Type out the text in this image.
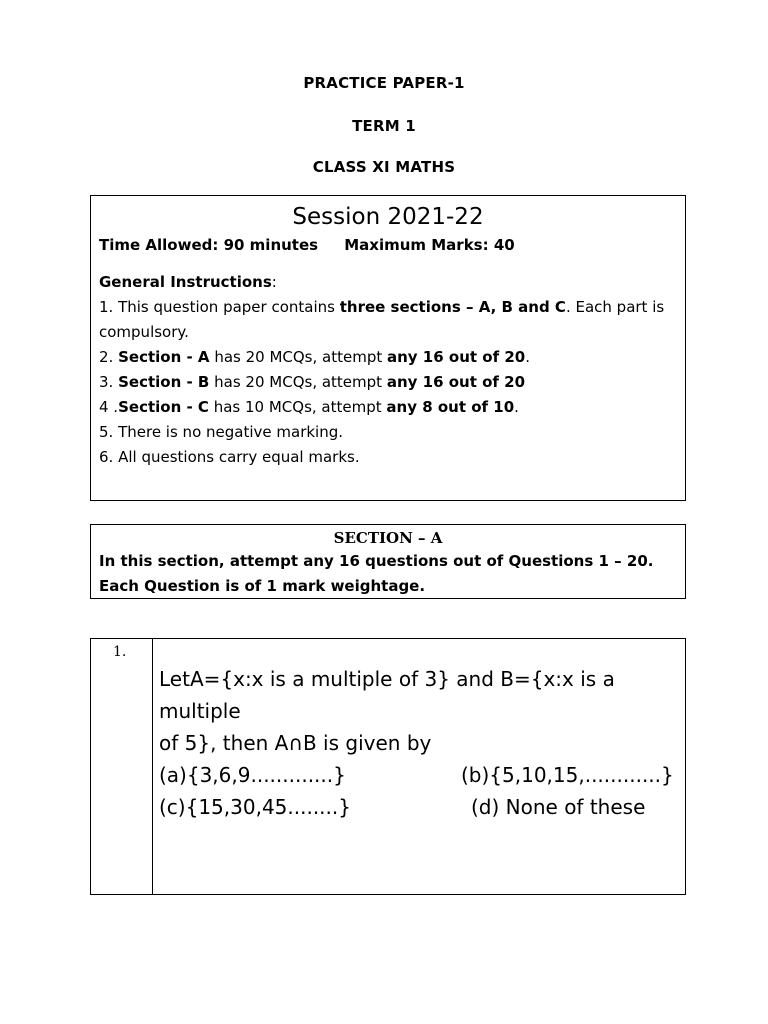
PRACTICE PAPER-1
TERM 1
CLASS XI MATHS
Session 2021-22
Time Allowed: 90 minutes Maximum Marks: 40
General Instructions:
1. This question paper contains three sections – A, B and C. Each part is compulsory.
2. Section - A has 20 MCQs, attempt any 16 out of 20.
3. Section - B has 20 MCQs, attempt any 16 out of 20
4 .Section - C has 10 MCQs, attempt any 8 out of 10.
5. There is no negative marking.
6. All questions carry equal marks.
SECTION – A
In this section, attempt any 16 questions out of Questions 1 – 20.
Each Question is of 1 mark weightage.
1.
LetA={x:x is a multiple of 3} and B={x:x is a multiple
of 5}, then A∩B is given by
(a){3,6,9.............}	(b){5,10,15,............}
(c){15,30,45........}	(d) None of these
